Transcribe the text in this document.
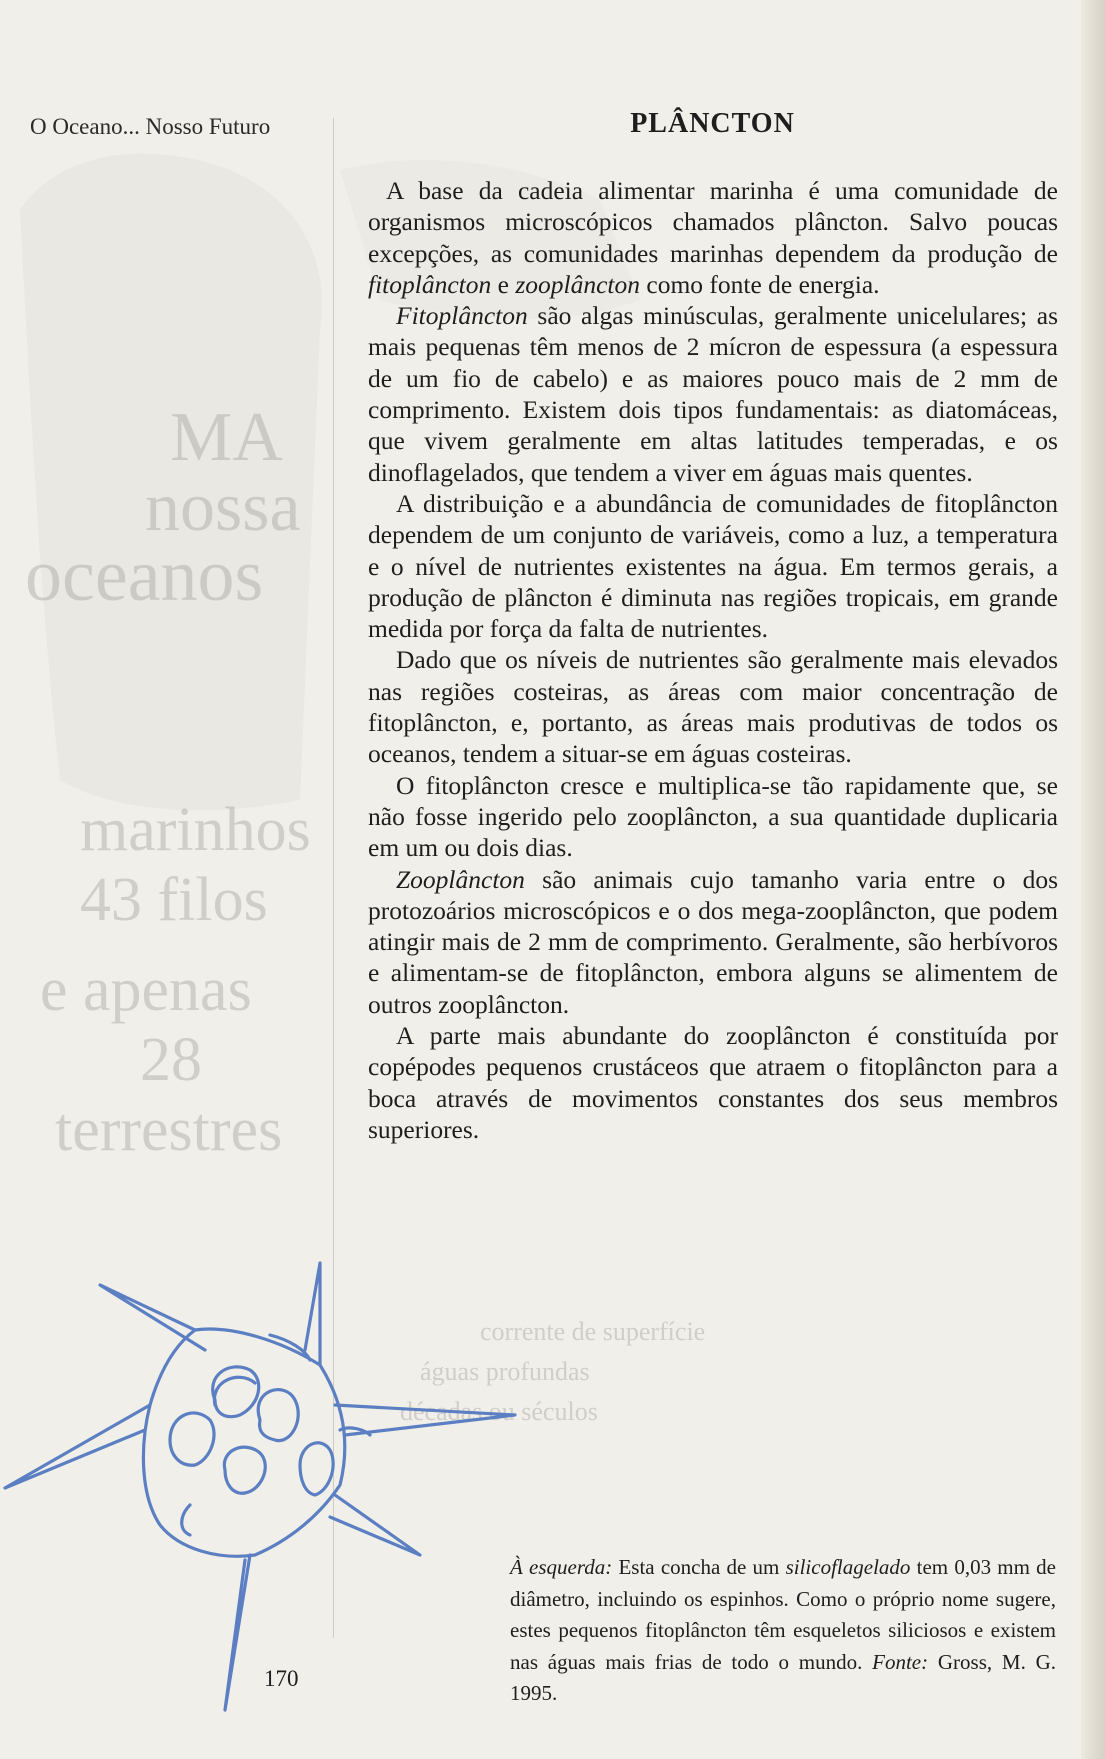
MA
nossa
oceanos
marinhos
43 filos
e apenas
28
terrestres
corrente de superfície
águas profundas
décadas ou séculos
O Oceano... Nosso Futuro	PLÂNCTON

A base da cadeia alimentar marinha é uma comunidade de organismos microscópicos chamados plâncton. Salvo poucas excepções, as comunidades marinhas dependem da produção de fitoplâncton e zooplâncton como fonte de energia.

Fitoplâncton são algas minúsculas, geralmente unicelulares; as mais pequenas têm menos de 2 mícron de espessura (a espessura de um fio de cabelo) e as maiores pouco mais de 2 mm de comprimento. Existem dois tipos fundamentais: as diatomáceas, que vivem geralmente em altas latitudes temperadas, e os dinoflagelados, que tendem a viver em águas mais quentes.

A distribuição e a abundância de comunidades de fitoplâncton dependem de um conjunto de variáveis, como a luz, a temperatura e o nível de nutrientes existentes na água. Em termos gerais, a produção de plâncton é diminuta nas regiões tropicais, em grande medida por força da falta de nutrientes.

Dado que os níveis de nutrientes são geralmente mais elevados nas regiões costeiras, as áreas com maior concentração de fitoplâncton, e, portanto, as áreas mais produtivas de todos os oceanos, tendem a situar-se em águas costeiras.

O fitoplâncton cresce e multiplica-se tão rapidamente que, se não fosse ingerido pelo zooplâncton, a sua quantidade duplicaria em um ou dois dias.

Zooplâncton são animais cujo tamanho varia entre o dos protozoários microscópicos e o dos mega-zooplâncton, que podem atingir mais de 2 mm de comprimento. Geralmente, são herbívoros e alimentam-se de fitoplâncton, embora alguns se alimentem de outros zooplâncton.

A parte mais abundante do zooplâncton é constituída por copépodes pequenos crustáceos que atraem o fitoplâncton para a boca através de movimentos constantes dos seus membros superiores.

À esquerda: Esta concha de um silicoflagelado tem 0,03 mm de diâmetro, incluindo os espinhos. Como o próprio nome sugere, estes pequenos fitoplâncton têm esqueletos siliciosos e existem nas águas mais frias de todo o mundo. Fonte: Gross, M. G. 1995.
170
